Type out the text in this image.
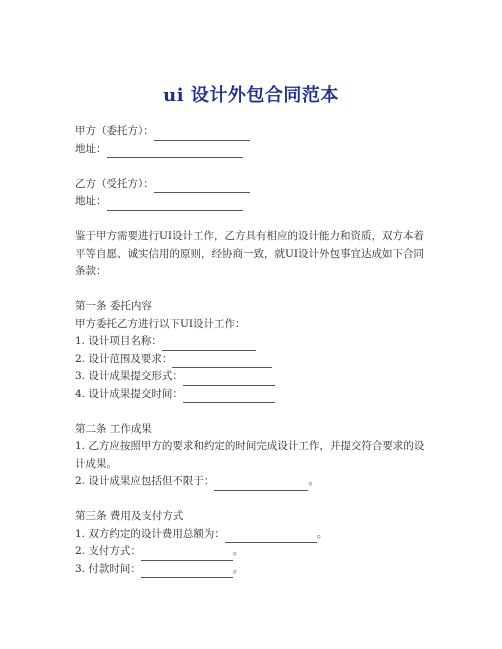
ui 设计外包合同范本
甲方（委托方）：
地址：
乙方（受托方）：
地址：
鉴于甲方需要进行UI设计工作，乙方具有相应的设计能力和资质，双方本着平等自愿、诚实信用的原则，经协商一致，就UI设计外包事宜达成如下合同条款：
第一条 委托内容
甲方委托乙方进行以下UI设计工作：
1. 设计项目名称：
2. 设计范围及要求：
3. 设计成果提交形式：
4. 设计成果提交时间：
第二条 工作成果
1. 乙方应按照甲方的要求和约定的时间完成设计工作，并提交符合要求的设计成果。
2. 设计成果应包括但不限于：	。
第三条 费用及支付方式
1. 双方约定的设计费用总额为：	。
2. 支付方式：	。
3. 付款时间：	。
